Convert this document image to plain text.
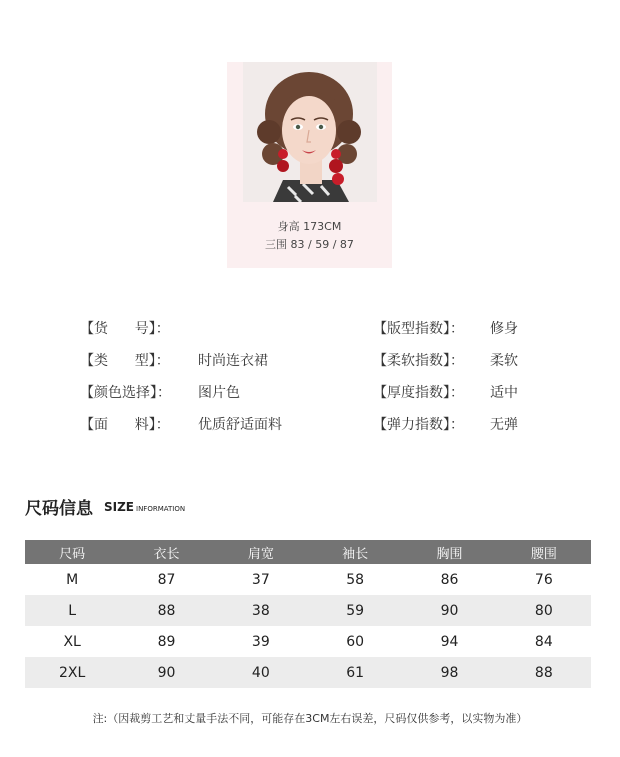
身高 173CM
三围 83 / 59 / 87
【货      号】：
【类      型】： 时尚连衣裙
【颜色选择】： 图片色
【面      料】： 优质舒适面料
【版型指数】： 修身
【柔软指数】： 柔软
【厚度指数】： 适中
【弹力指数】： 无弹
尺码信息 SIZE INFORMATION
尺码	衣长	肩宽	袖长	胸围	腰围
M	87	37	58	86	76
L	88	38	59	90	80
XL	89	39	60	94	84
2XL	90	40	61	98	88
注:（因裁剪工艺和丈量手法不同，可能存在3CM左右误差，尺码仅供参考，以实物为准）
